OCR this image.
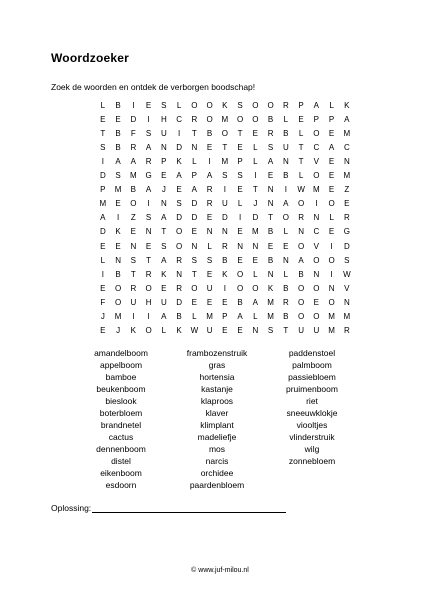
Woordzoeker
Zoek de woorden en ontdek de verborgen boodschap!
L	B	I	E	S	L	O	O	K	S	O	O	R	P	A	L	K
E	E	D	I	H	C	R	O	M	O	O	B	L	E	P	P	A
T	B	F	S	U	I	T	B	O	T	E	R	B	L	O	E	M
S	B	R	A	N	D	N	E	T	E	L	S	U	T	C	A	C
I	A	A	R	P	K	L	I	M	P	L	A	N	T	V	E	N
D	S	M	G	E	A	P	A	S	S	I	E	B	L	O	E	M
P	M	B	A	J	E	A	R	I	E	T	N	I	W M	E	Z
M	E	O	I	N	S	D	R	U	L	J	N	A	O	I	O	E
A	I	Z	S	A	D	D	E	D	I	D	T	O	R	N	L	R
D	K	E	N	T	O	E	N	N	E	M	B	L	N	C	E	G
E	E	N	E	S	O	N	L	R	N	N	E	E	O	V	I	D
L	N	S	T	A	R	S	S	B	E	E	B	N	A	O	O	S
I	B	T	R	K	N	T	E	K	O	L	N	L	B	N	I	W
E	O	R	O	E	R	O	U	I	O	O	K	B	O	O	N	V
F	O	U	H	U	D	E	E	E	B	A	M	R	O	E	O	N
J	M	I	I	A	B	L	M	P	A	L	M	B	O	O	M	M
E	J	K	O	L	K	W	U	E	E	N	S	T	U	U	M	R
amandelboom
appelboom
bamboe
beukenboom
bieslook
boterbloem
brandnetel
cactus
dennenboom
distel
eikenboom
esdoorn
frambozenstruik
gras
hortensia
kastanje
klaproos
klaver
klimplant
madeliefje
mos
narcis
orchidee
paardenbloem
paddenstoel
palmboom
passiebloem
pruimenboom
riet
sneeuwklokje
viooltjes
vlinderstruik
wilg
zonnebloem
Oplossing:
© www.juf-milou.nl
